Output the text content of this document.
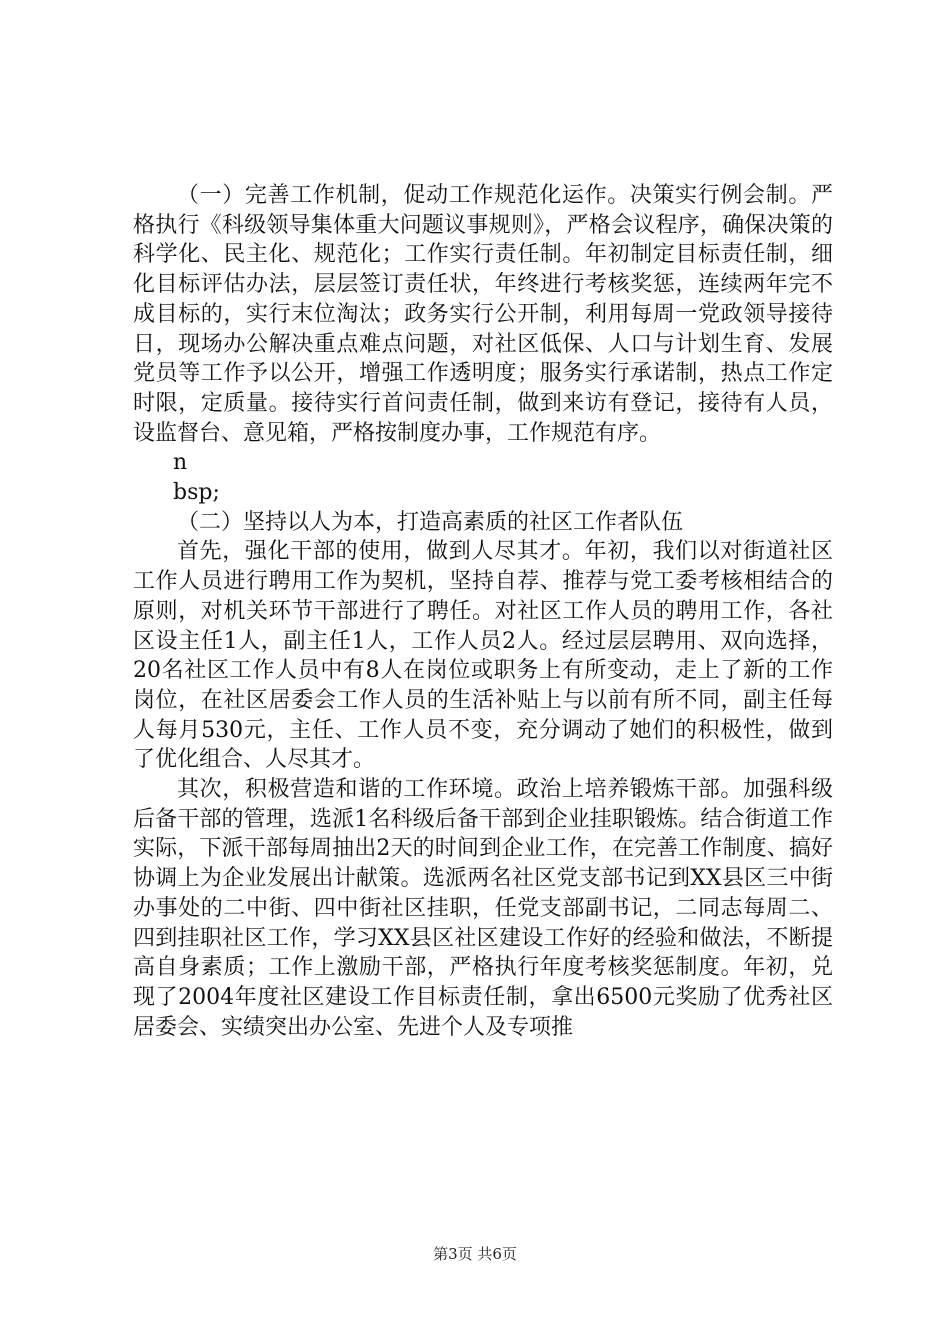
（一）完善工作机制，促动工作规范化运作。决策实行例会制。严格执行《科级领导集体重大问题议事规则》，严格会议程序，确保决策的科学化、民主化、规范化；工作实行责任制。年初制定目标责任制，细化目标评估办法，层层签订责任状，年终进行考核奖惩，连续两年完不成目标的，实行末位淘汰；政务实行公开制，利用每周一党政领导接待日，现场办公解决重点难点问题，对社区低保、人口与计划生育、发展党员等工作予以公开，增强工作透明度；服务实行承诺制，热点工作定时限，定质量。接待实行首问责任制，做到来访有登记，接待有人员，设监督台、意见箱，严格按制度办事，工作规范有序。

n

bsp;

（二）坚持以人为本，打造高素质的社区工作者队伍

首先，强化干部的使用，做到人尽其才。年初，我们以对街道社区工作人员进行聘用工作为契机，坚持自荐、推荐与党工委考核相结合的原则，对机关环节干部进行了聘任。对社区工作人员的聘用工作，各社区设主任1人，副主任1人，工作人员2人。经过层层聘用、双向选择，20名社区工作人员中有8人在岗位或职务上有所变动，走上了新的工作岗位，在社区居委会工作人员的生活补贴上与以前有所不同，副主任每人每月530元，主任、工作人员不变，充分调动了她们的积极性，做到了优化组合、人尽其才。

其次，积极营造和谐的工作环境。政治上培养锻炼干部。加强科级后备干部的管理，选派1名科级后备干部到企业挂职锻炼。结合街道工作实际，下派干部每周抽出2天的时间到企业工作，在完善工作制度、搞好协调上为企业发展出计献策。选派两名社区党支部书记到XX县区三中街办事处的二中街、四中街社区挂职，任党支部副书记，二同志每周二、四到挂职社区工作，学习XX县区社区建设工作好的经验和做法，不断提高自身素质；工作上激励干部，严格执行年度考核奖惩制度。年初，兑现了2004年度社区建设工作目标责任制，拿出6500元奖励了优秀社区居委会、实绩突出办公室、先进个人及专项推

第3页 共6页
